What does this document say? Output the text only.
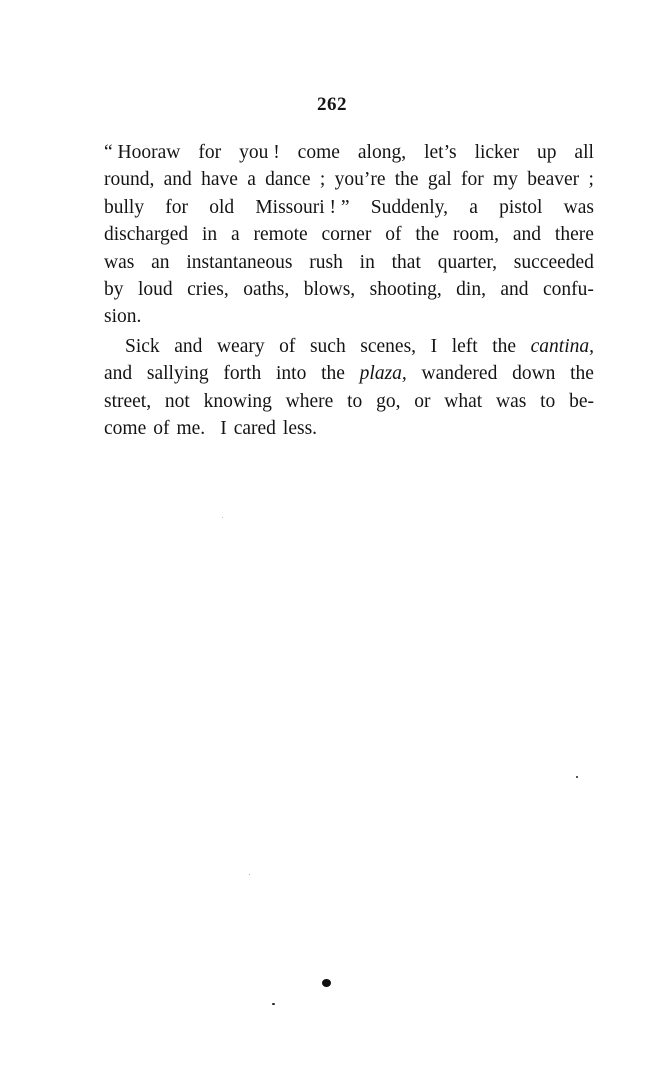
262
“ Hooraw for you ! come along, let’s licker up all
round, and have a dance ; you’re the gal for my beaver ;
bully for old Missouri ! ” Suddenly, a pistol was
discharged in a remote corner of the room, and there
was an instantaneous rush in that quarter, succeeded
by loud cries, oaths, blows, shooting, din, and confu-
sion.
Sick and weary of such scenes, I left the cantina,
and sallying forth into the plaza, wandered down the
street, not knowing where to go, or what was to be-
come of me. I cared less.
